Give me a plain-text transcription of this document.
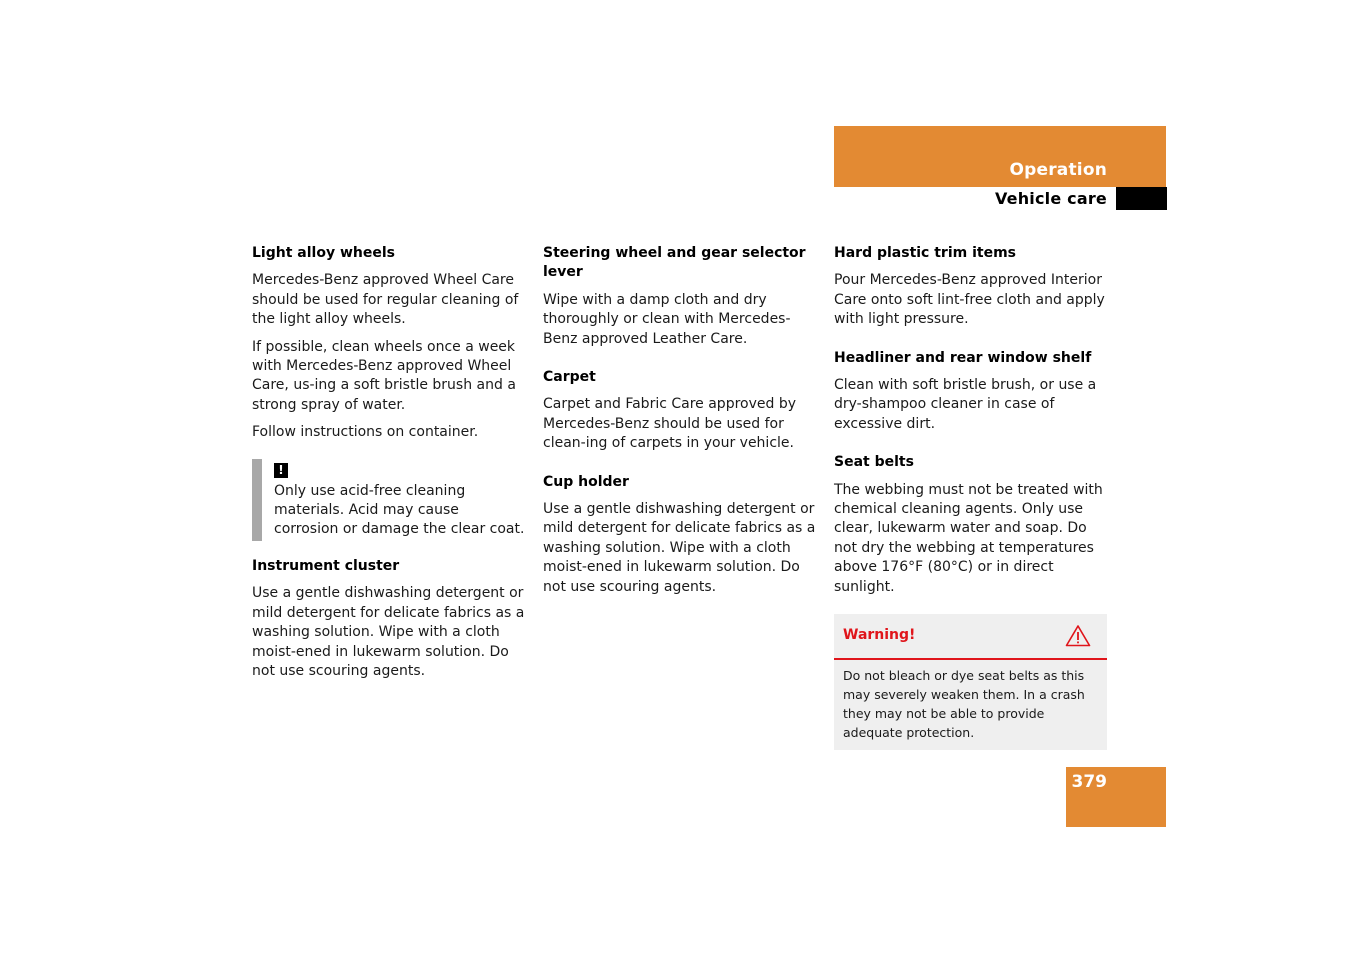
Operation
Vehicle care
Light alloy wheels

Mercedes-Benz approved Wheel Care should be used for regular cleaning of the light alloy wheels.

If possible, clean wheels once a week with Mercedes-Benz approved Wheel Care, us-ing a soft bristle brush and a strong spray of water.

Follow instructions on container.

!

Only use acid-free cleaning materials. Acid may cause corrosion or damage the clear coat.

Instrument cluster

Use a gentle dishwashing detergent or mild detergent for delicate fabrics as a washing solution. Wipe with a cloth moist-ened in lukewarm solution. Do not use scouring agents.

Steering wheel and gear selector lever

Wipe with a damp cloth and dry thoroughly or clean with Mercedes-Benz approved Leather Care.

Carpet

Carpet and Fabric Care approved by Mercedes-Benz should be used for clean-ing of carpets in your vehicle.

Cup holder

Use a gentle dishwashing detergent or mild detergent for delicate fabrics as a washing solution. Wipe with a cloth moist-ened in lukewarm solution. Do not use scouring agents.

Hard plastic trim items

Pour Mercedes-Benz approved Interior Care onto soft lint-free cloth and apply with light pressure.

Headliner and rear window shelf

Clean with soft bristle brush, or use a dry-shampoo cleaner in case of excessive dirt.

Seat belts

The webbing must not be treated with chemical cleaning agents. Only use clear, lukewarm water and soap. Do not dry the webbing at temperatures above 176°F (80°C) or in direct sunlight.

Warning!
Do not bleach or dye seat belts as this may severely weaken them. In a crash they may not be able to provide adequate protection.
379
